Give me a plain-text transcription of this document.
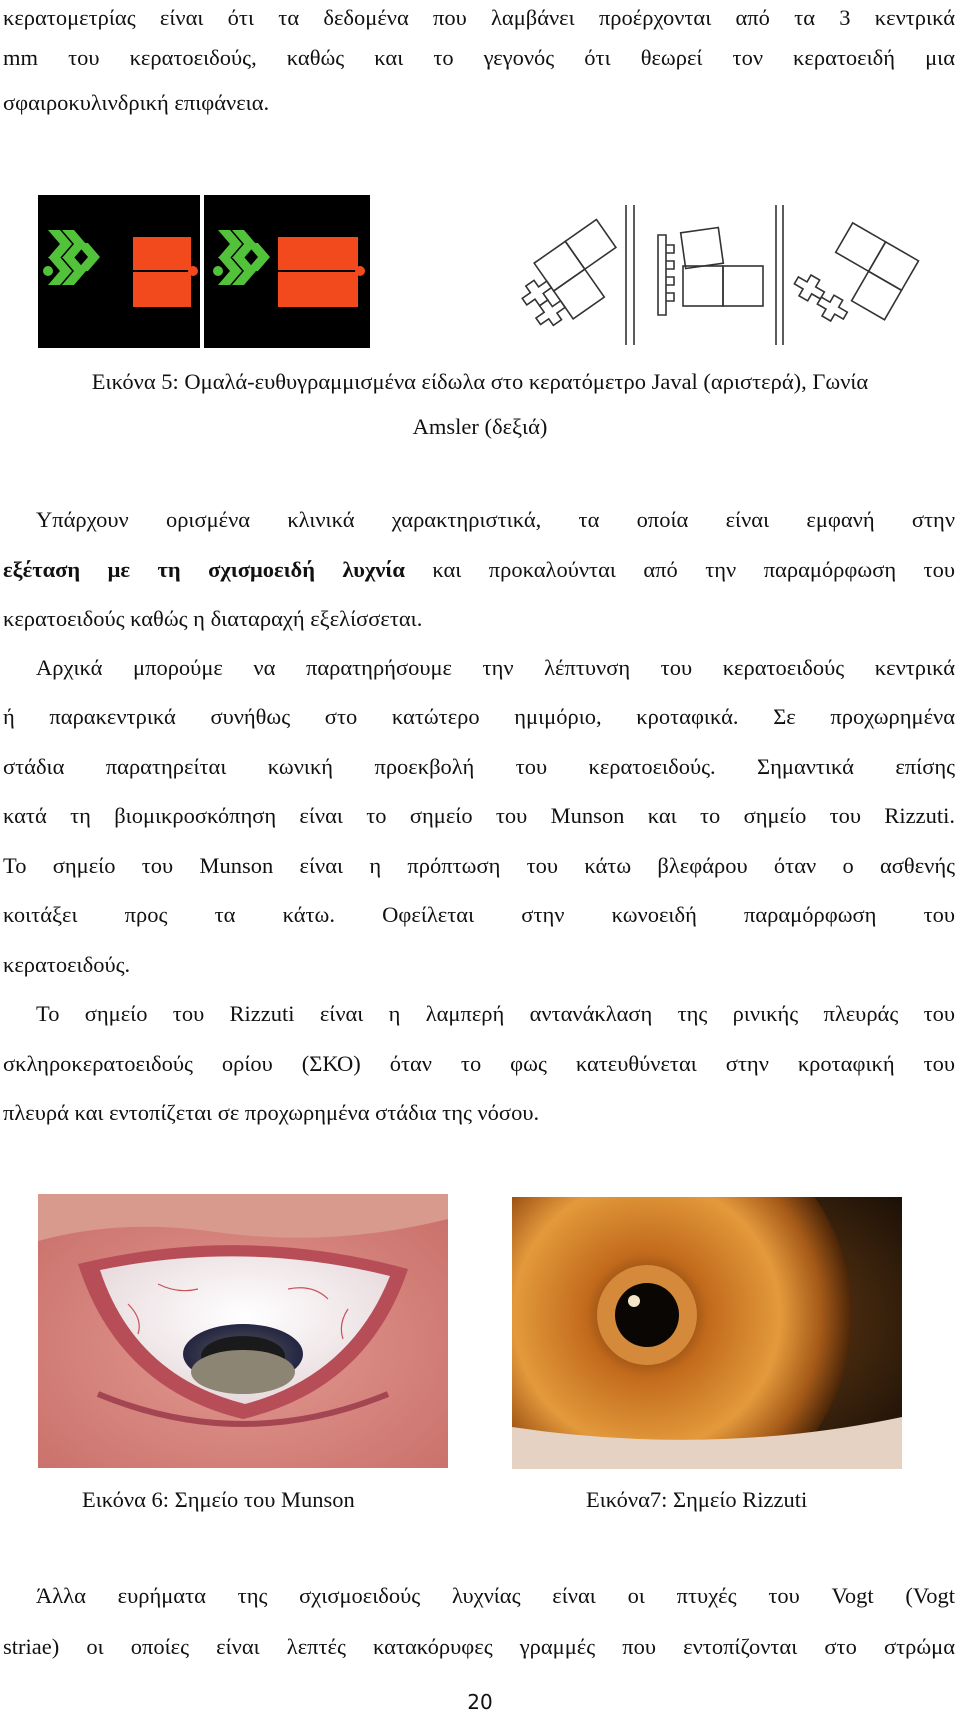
κερατομετρίας είναι ότι τα δεδομένα που λαμβάνει προέρχονται από τα 3 κεντρικά
mm του κερατοειδούς, καθώς και το γεγονός ότι θεωρεί τον κερατοειδή μια
σφαιροκυλινδρική επιφάνεια.
Εικόνα 5: Ομαλά-ευθυγραμμισμένα είδωλα στο κερατόμετρο Javal (αριστερά), Γωνία
Amsler (δεξιά)
Υπάρχουν ορισμένα κλινικά χαρακτηριστικά, τα οποία είναι εμφανή στην
εξέταση με τη σχισμοειδή λυχνία και προκαλούνται από την παραμόρφωση του
κερατοειδούς καθώς η διαταραχή εξελίσσεται.
Αρχικά μπορούμε να παρατηρήσουμε την λέπτυνση του κερατοειδούς κεντρικά
ή παρακεντρικά συνήθως στο κατώτερο ημιμόριο, κροταφικά. Σε προχωρημένα
στάδια παρατηρείται κωνική προεκβολή του κερατοειδούς. Σημαντικά επίσης
κατά τη βιομικροσκόπηση είναι το σημείο του Munson και το σημείο του Rizzuti.
Το σημείο του Munson είναι η πρόπτωση του κάτω βλεφάρου όταν ο ασθενής
κοιτάξει προς τα κάτω. Οφείλεται στην κωνοειδή παραμόρφωση του
κερατοειδούς.
Το σημείο του Rizzuti είναι η λαμπερή αντανάκλαση της ρινικής πλευράς του
σκληροκερατοειδούς ορίου (ΣΚΟ) όταν το φως κατευθύνεται στην κροταφική του
πλευρά και εντοπίζεται σε προχωρημένα στάδια της νόσου.
Εικόνα 6: Σημείο του Munson	Εικόνα7: Σημείο Rizzuti
Άλλα ευρήματα της σχισμοειδούς λυχνίας είναι οι πτυχές του Vogt (Vogt
striae) οι οποίες είναι λεπτές κατακόρυφες γραμμές που εντοπίζονται στο στρώμα
20
